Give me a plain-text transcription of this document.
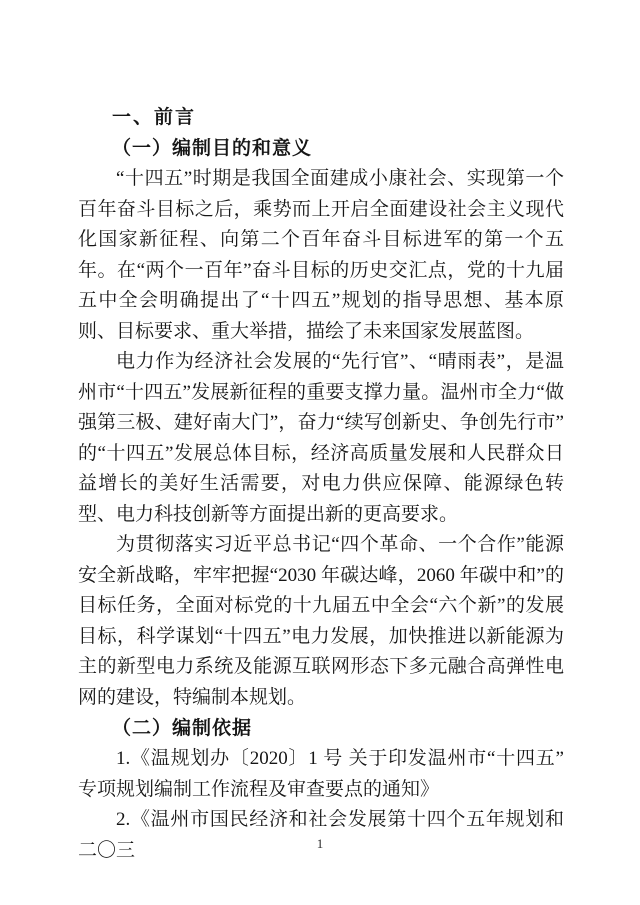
一、前言
（一）编制目的和意义

“十四五”时期是我国全面建成小康社会、实现第一个百年奋斗目标之后，乘势而上开启全面建设社会主义现代化国家新征程、向第二个百年奋斗目标进军的第一个五年。在“两个一百年”奋斗目标的历史交汇点，党的十九届五中全会明确提出了“十四五”规划的指导思想、基本原则、目标要求、重大举措，描绘了未来国家发展蓝图。

电力作为经济社会发展的“先行官”、“晴雨表”，是温州市“十四五”发展新征程的重要支撑力量。温州市全力“做强第三极、建好南大门”，奋力“续写创新史、争创先行市”的“十四五”发展总体目标，经济高质量发展和人民群众日益增长的美好生活需要，对电力供应保障、能源绿色转型、电力科技创新等方面提出新的更高要求。

为贯彻落实习近平总书记“四个革命、一个合作”能源安全新战略，牢牢把握“2030 年碳达峰，2060 年碳中和”的目标任务，全面对标党的十九届五中全会“六个新”的发展目标，科学谋划“十四五”电力发展，加快推进以新能源为主的新型电力系统及能源互联网形态下多元融合高弹性电网的建设，特编制本规划。

（二）编制依据

1.《温规划办〔2020〕1 号 关于印发温州市“十四五”专项规划编制工作流程及审查要点的通知》

2.《温州市国民经济和社会发展第十四个五年规划和二〇三	1
